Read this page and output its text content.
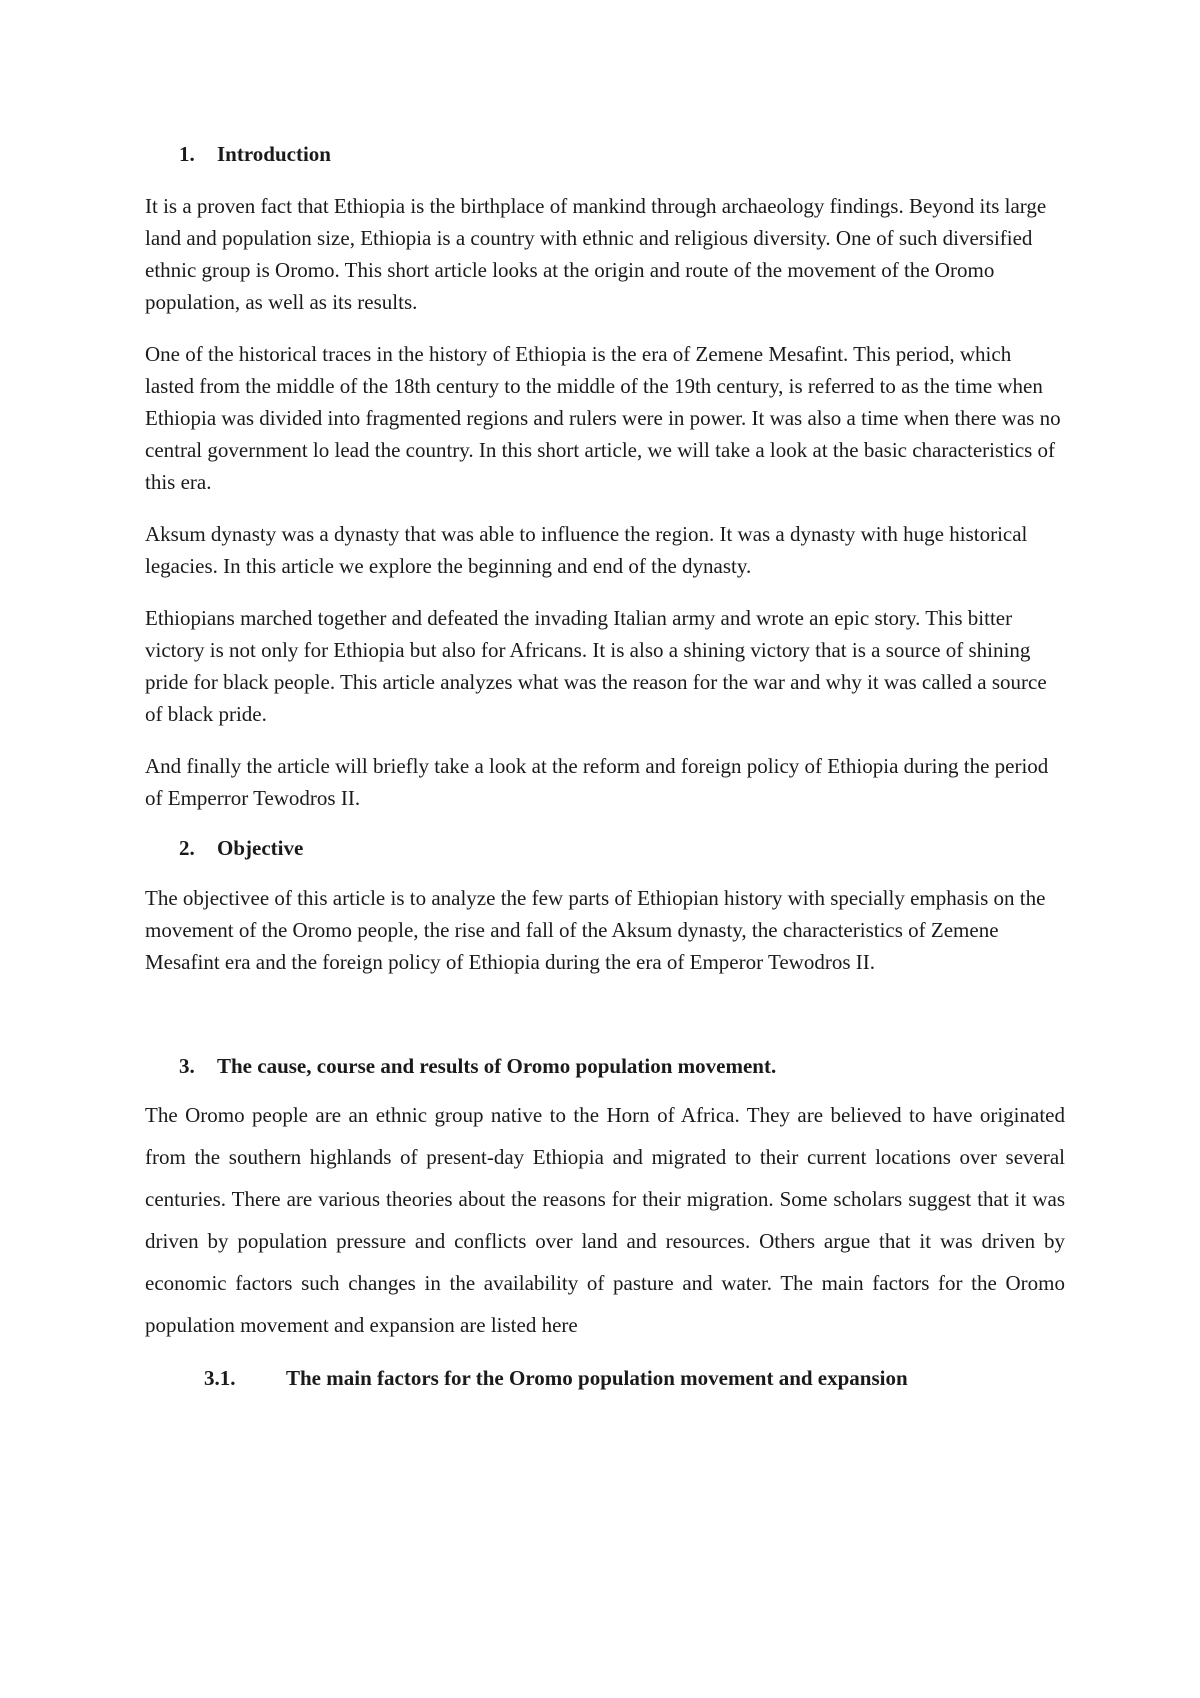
1.	Introduction

It is a proven fact that Ethiopia is the birthplace of mankind through archaeology findings. Beyond its large land and population size, Ethiopia is a country with ethnic and religious diversity. One of such diversified ethnic group is Oromo. This short article looks at the origin and route of the movement of the Oromo population, as well as its results.

One of the historical traces in the history of Ethiopia is the era of Zemene Mesafint. This period, which lasted from the middle of the 18th century to the middle of the 19th century, is referred to as the time when Ethiopia was divided into fragmented regions and rulers were in power. It was also a time when there was no central government lo lead the country. In this short article, we will take a look at the basic characteristics of this era.

Aksum dynasty was a dynasty that was able to influence the region. It was a dynasty with huge historical legacies. In this article we explore the beginning and end of the dynasty.

Ethiopians marched together and defeated the invading Italian army and wrote an epic story. This bitter victory is not only for Ethiopia but also for Africans. It is also a shining victory that is a source of shining pride for black people. This article analyzes what was the reason for the war and why it was called a source of black pride.

And finally the article will briefly take a look at the reform and foreign policy of Ethiopia during the period of Emperror Tewodros II.

2.	Objective

The objectivee of this article is to analyze the few parts of Ethiopian history with specially emphasis on the movement of the Oromo people, the rise and fall of the Aksum dynasty, the characteristics of Zemene Mesafint era and the foreign policy of Ethiopia during the era of Emperor Tewodros II.

3.	The cause, course and results of Oromo population movement.

The Oromo people are an ethnic group native to the Horn of Africa. They are believed to have originated from the southern highlands of present-day Ethiopia and migrated to their current locations over several centuries. There are various theories about the reasons for their migration. Some scholars suggest that it was driven by population pressure and conflicts over land and resources. Others argue that it was driven by economic factors such changes in the availability of pasture and water. The main factors for the Oromo population movement and expansion are listed here

3.1.	The main factors for the Oromo population movement and expansion
